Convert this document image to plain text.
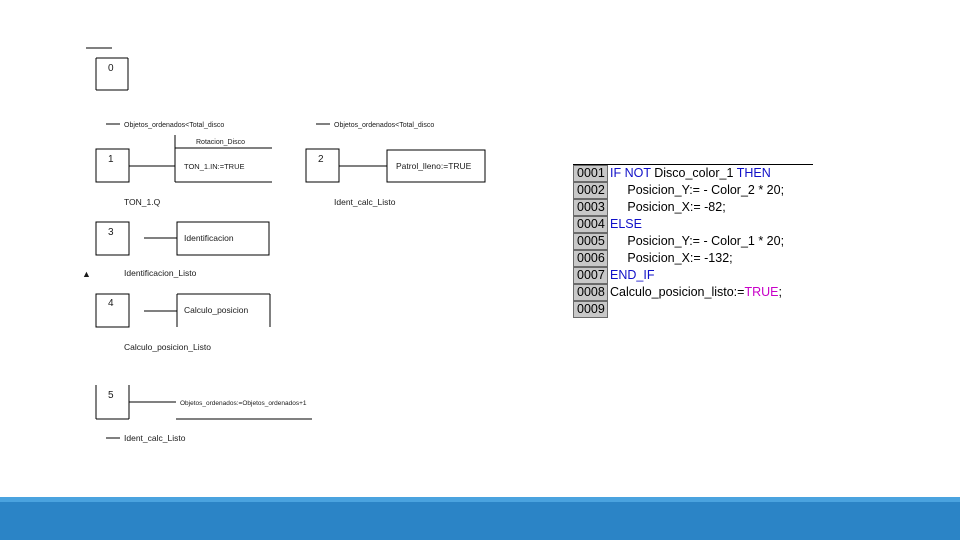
0
1	2
3
4
5
Objetos_ordenados<Total_disco	Objetos_ordenados<Total_disco
TON_1.Q	Ident_calc_Listo
Identificacion_Listo
Calculo_posicion_Listo
Ident_calc_Listo
Rotacion_Disco
TON_1.IN:=TRUE	Patrol_lleno:=TRUE
Identificacion
Calculo_posicion
Objetos_ordenados:=Objetos_ordenados+1
▲
0001 IF NOT Disco_color_1 THEN
0002 Posicion_Y:= - Color_2 * 20;
0003 Posicion_X:= -82;
0004 ELSE
0005 Posicion_Y:= - Color_1 * 20;
0006 Posicion_X:= -132;
0007 END_IF
0008 Calculo_posicion_listo:=TRUE;
0009
